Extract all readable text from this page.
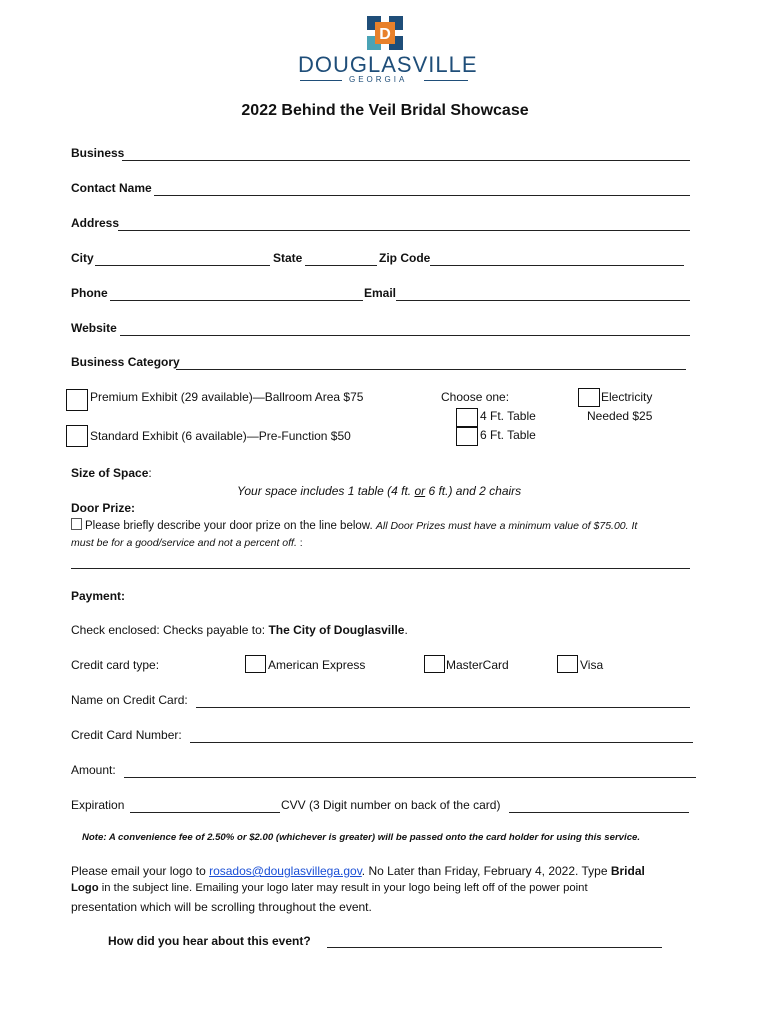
D
DOUGLASVILLE
GEORGIA
2022 Behind the Veil Bridal Showcase
Business
Contact Name
Address
City	State	Zip Code
Phone	Email
Website
Business Category
Premium Exhibit (29 available)—Ballroom Area $75
Standard Exhibit (6 available)—Pre-Function $50
Choose one:
4 Ft. Table
6 Ft. Table
Electricity
Needed $25
Size of Space:
Your space includes 1 table (4 ft. or 6 ft.) and 2 chairs
Door Prize:
Please briefly describe your door prize on the line below. All Door Prizes must have a minimum value of $75.00. It
must be for a good/service and not a percent off. :
Payment:
Check enclosed: Checks payable to: The City of Douglasville.
Credit card type:	American Express	MasterCard	Visa
Name on Credit Card:
Credit Card Number:
Amount:
Expiration	CVV (3 Digit number on back of the card)
Note: A convenience fee of 2.50% or $2.00 (whichever is greater) will be passed onto the card holder for using this service.
Please email your logo to rosados@douglasvillega.gov. No Later than Friday, February 4, 2022. Type Bridal
Logo in the subject line. Emailing your logo later may result in your logo being left off of the power point
presentation which will be scrolling throughout the event.
How did you hear about this event?
